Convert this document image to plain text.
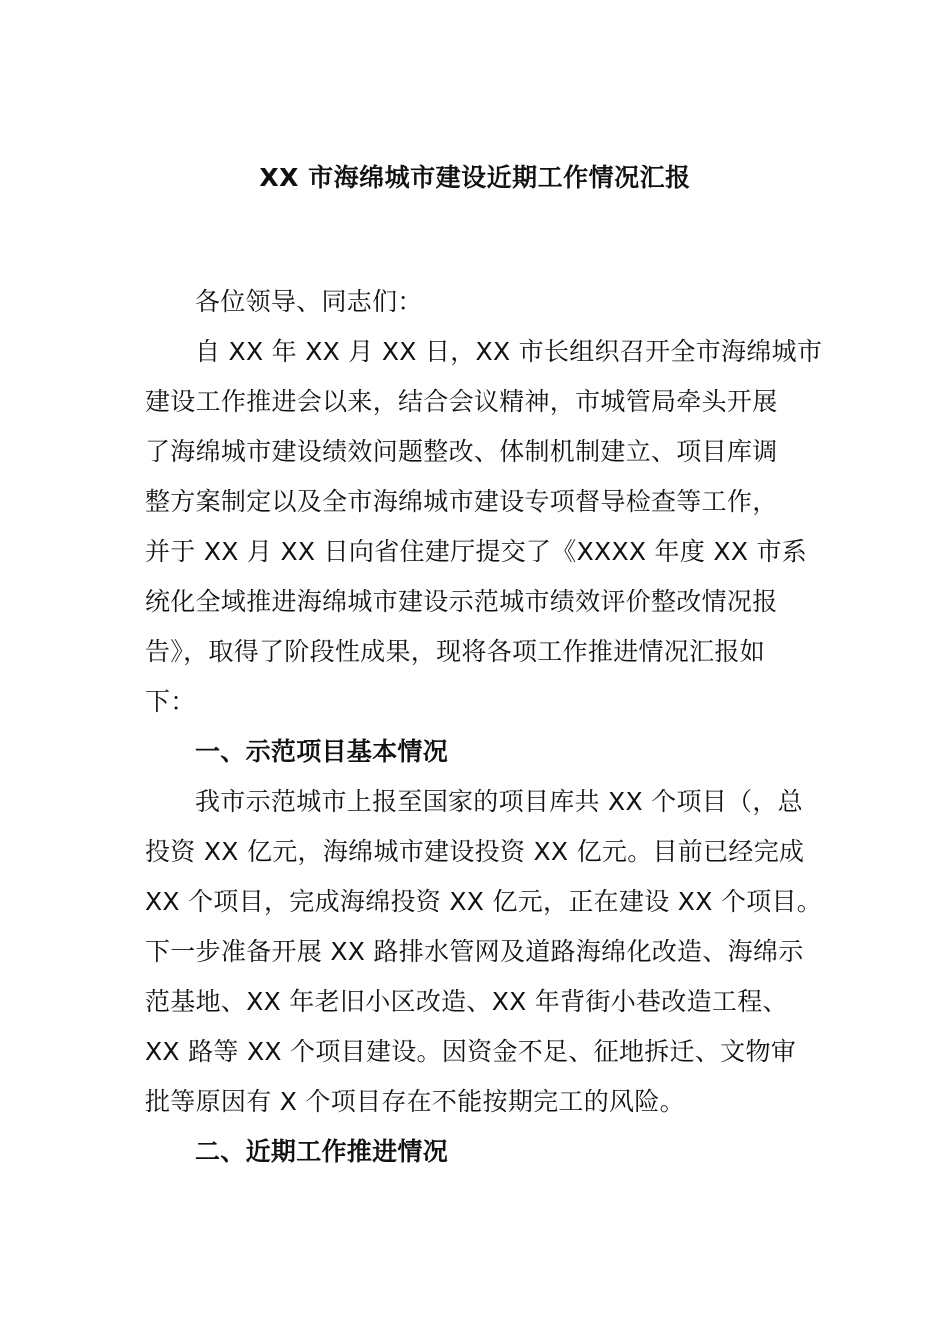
XX 市海绵城市建设近期工作情况汇报
各位领导、同志们：
自 XX 年 XX 月 XX 日，XX 市长组织召开全市海绵城市
建设工作推进会以来，结合会议精神，市城管局牵头开展
了海绵城市建设绩效问题整改、体制机制建立、项目库调
整方案制定以及全市海绵城市建设专项督导检查等工作，
并于 XX 月 XX 日向省住建厅提交了《XXXX 年度 XX 市系
统化全域推进海绵城市建设示范城市绩效评价整改情况报
告》，取得了阶段性成果，现将各项工作推进情况汇报如
下：
一、示范项目基本情况
我市示范城市上报至国家的项目库共 XX 个项目（，总
投资 XX 亿元，海绵城市建设投资 XX 亿元。目前已经完成
XX 个项目，完成海绵投资 XX 亿元，正在建设 XX 个项目。
下一步准备开展 XX 路排水管网及道路海绵化改造、海绵示
范基地、XX 年老旧小区改造、XX 年背街小巷改造工程、
XX 路等 XX 个项目建设。因资金不足、征地拆迁、文物审
批等原因有 X 个项目存在不能按期完工的风险。
二、近期工作推进情况
